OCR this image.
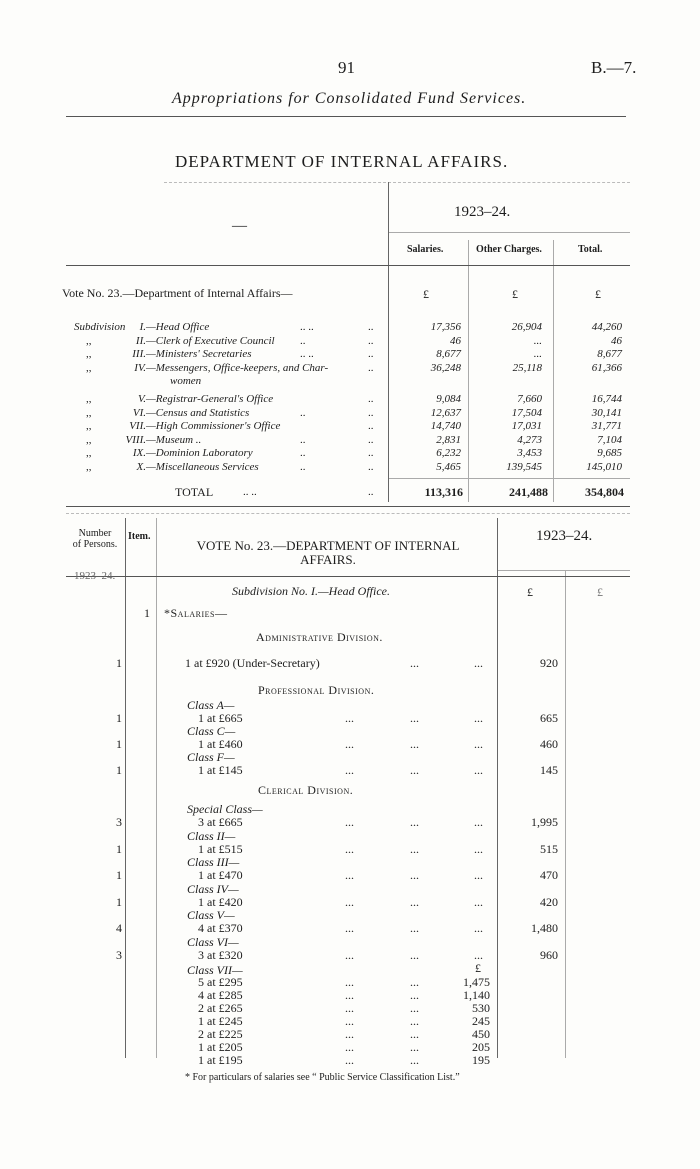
91	B.—7.
Appropriations for Consolidated Fund Services.
DEPARTMENT OF INTERNAL AFFAIRS.
1923–24.
—
Salaries.	Other Charges.	Total.
Vote No. 23.—Department of Internal Affairs—	£	£	£
Subdivision	I. —Head Office	.. ..	..	17,356	26,904	44,260
,,	II. —Clerk of Executive Council ..	..	46	...	46
,,	III. —Ministers' Secretaries	.. ..	..	8,677	...	8,677
,,	IV. —Messengers, Office-keepers, and Char-	..	36,248	25,118	61,366
women
,,	V. —Registrar-General's Office	..	9,084	7,660	16,744
,,	VI. —Census and Statistics	..	..	12,637	17,504	30,141
,,	VII. —High Commissioner's Office	..	14,740	17,031	31,771
,,	VIII. —Museum ..	..	..	2,831	4,273	7,104
,,	IX. —Dominion Laboratory	..	..	6,232	3,453	9,685
,,	X. —Miscellaneous Services	..	..	5,465	139,545	145,010
TOTAL	.. ..	..	113,316	241,488	354,804
Number
of Persons.
Item.
VOTE No. 23.—DEPARTMENT OF INTERNAL
AFFAIRS.
1923–24.
1923–24.
£	£
Subdivision No. I.—Head Office.
1 *Salaries—
Administrative Division.
1	1 at £920 (Under-Secretary)	...	...	920
Professional Division.
Class A—
1	1 at £665	...	...	...	665
Class C—
1	1 at £460	...	...	...	460
Class F—
1	1 at £145	...	...	...	145
Clerical Division.
Special Class—
3	3 at £665	...	...	...	1,995
Class II—
1	1 at £515	...	...	...	515
Class III—
1	1 at £470	...	...	...	470
Class IV—
1	1 at £420	...	...	...	420
Class V—
4	4 at £370	...	...	...	1,480
Class VI—
3	3 at £320	...	...	...	960
Class VII—	£
5 at £295	...	...	1,475
4 at £285	...	...	1,140
2 at £265	...	...	530
1 at £245	...	...	245
2 at £225	...	...	450
1 at £205	...	...	205
1 at £195	...	...	195
* For particulars of salaries see “ Public Service Classification List.”
